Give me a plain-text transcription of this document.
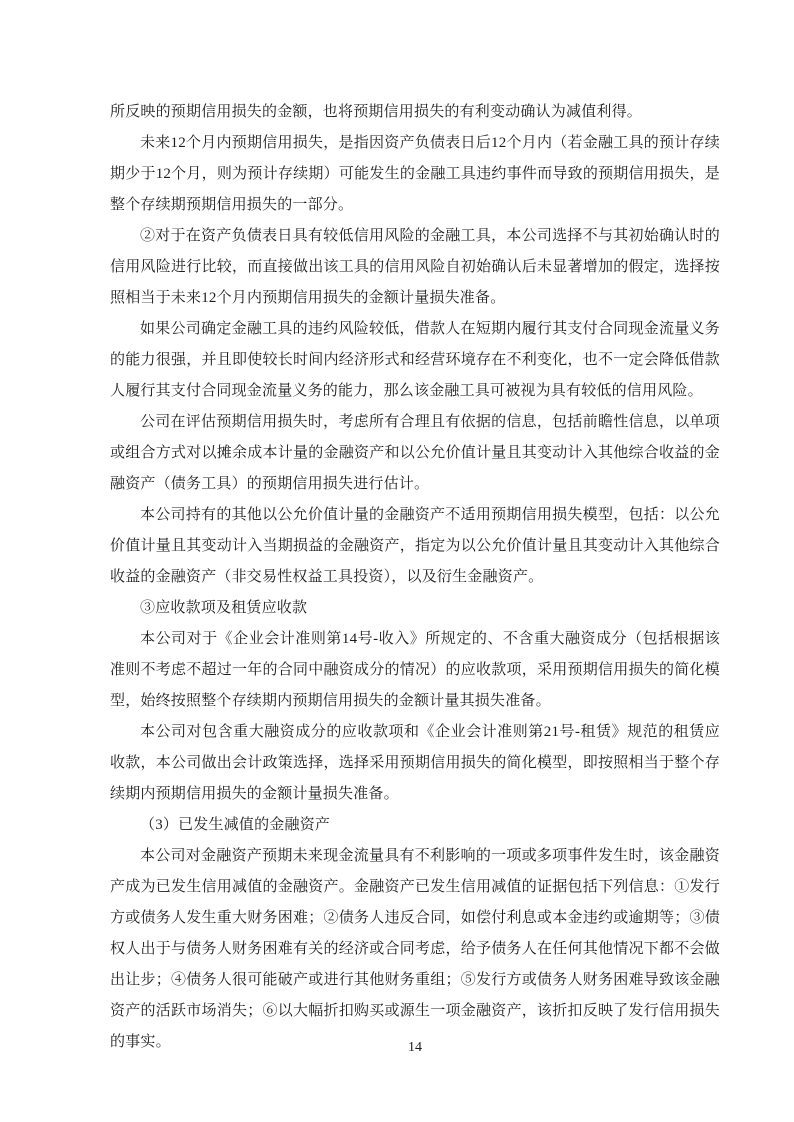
所反映的预期信用损失的金额，也将预期信用损失的有利变动确认为减值利得。

未来12个月内预期信用损失，是指因资产负债表日后12个月内（若金融工具的预计存续期少于12个月，则为预计存续期）可能发生的金融工具违约事件而导致的预期信用损失，是整个存续期预期信用损失的一部分。

②对于在资产负债表日具有较低信用风险的金融工具，本公司选择不与其初始确认时的信用风险进行比较，而直接做出该工具的信用风险自初始确认后未显著增加的假定，选择按照相当于未来12个月内预期信用损失的金额计量损失准备。

如果公司确定金融工具的违约风险较低，借款人在短期内履行其支付合同现金流量义务的能力很强，并且即使较长时间内经济形式和经营环境存在不利变化，也不一定会降低借款人履行其支付合同现金流量义务的能力，那么该金融工具可被视为具有较低的信用风险。

公司在评估预期信用损失时，考虑所有合理且有依据的信息，包括前瞻性信息，以单项或组合方式对以摊余成本计量的金融资产和以公允价值计量且其变动计入其他综合收益的金融资产（债务工具）的预期信用损失进行估计。

本公司持有的其他以公允价值计量的金融资产不适用预期信用损失模型，包括：以公允价值计量且其变动计入当期损益的金融资产，指定为以公允价值计量且其变动计入其他综合收益的金融资产（非交易性权益工具投资），以及衍生金融资产。

③应收款项及租赁应收款

本公司对于《企业会计准则第14号-收入》所规定的、不含重大融资成分（包括根据该准则不考虑不超过一年的合同中融资成分的情况）的应收款项，采用预期信用损失的简化模型，始终按照整个存续期内预期信用损失的金额计量其损失准备。

本公司对包含重大融资成分的应收款项和《企业会计准则第21号-租赁》规范的租赁应收款，本公司做出会计政策选择，选择采用预期信用损失的简化模型，即按照相当于整个存续期内预期信用损失的金额计量损失准备。

（3）已发生减值的金融资产

本公司对金融资产预期未来现金流量具有不利影响的一项或多项事件发生时，该金融资产成为已发生信用减值的金融资产。金融资产已发生信用减值的证据包括下列信息：①发行方或债务人发生重大财务困难；②债务人违反合同，如偿付利息或本金违约或逾期等；③债权人出于与债务人财务困难有关的经济或合同考虑，给予债务人在任何其他情况下都不会做出让步；④债务人很可能破产或进行其他财务重组；⑤发行方或债务人财务困难导致该金融资产的活跃市场消失；⑥以大幅折扣购买或源生一项金融资产，该折扣反映了发行信用损失的事实。	14
